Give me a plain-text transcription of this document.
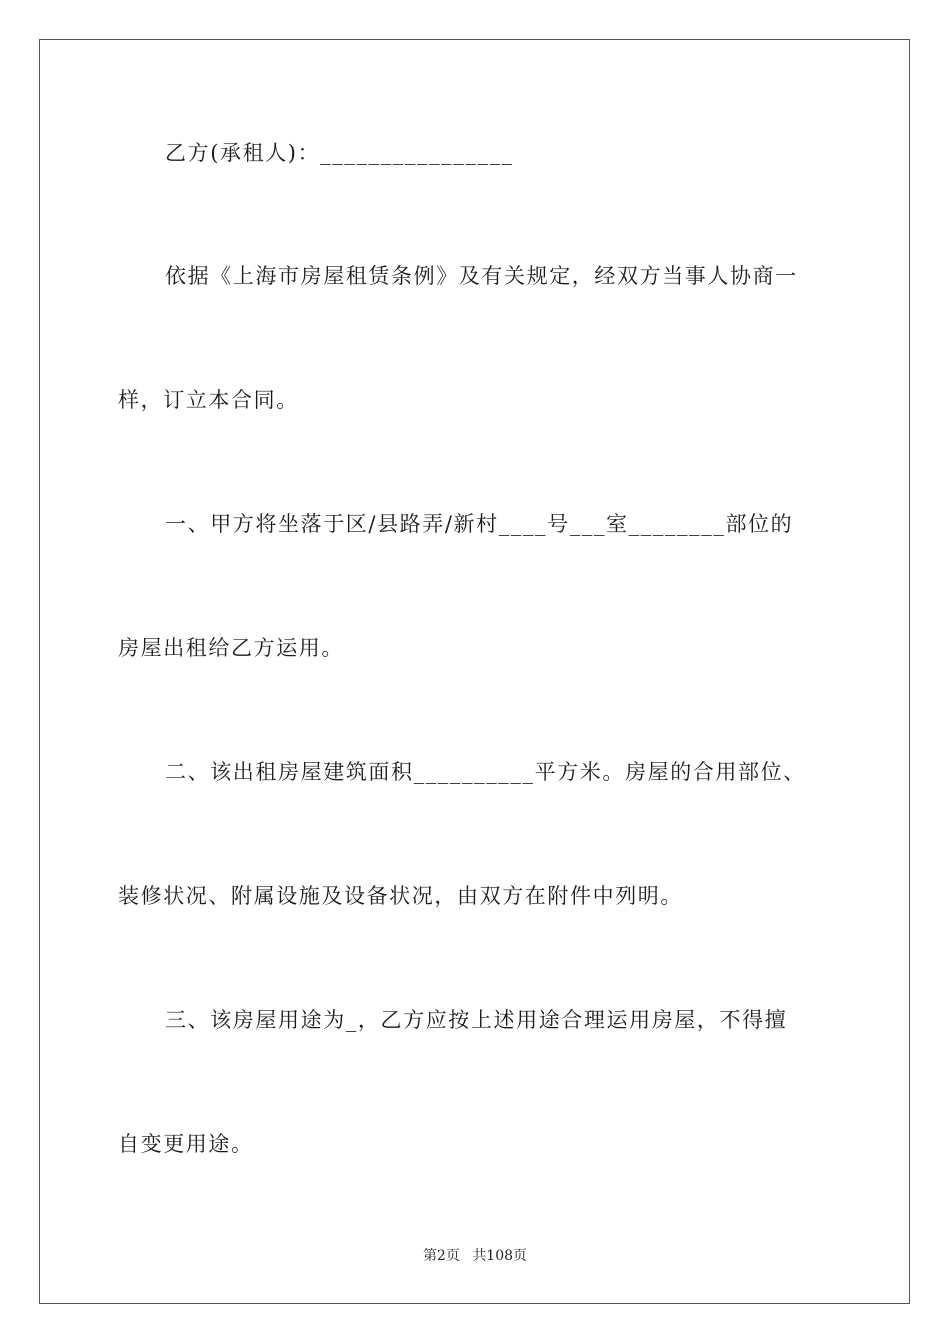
乙方(承租人)：________________
依据《上海市房屋租赁条例》及有关规定，经双方当事人协商一
样，订立本合同。
一、甲方将坐落于区/县路弄/新村____号___室________部位的
房屋出租给乙方运用。
二、该出租房屋建筑面积__________平方米。房屋的合用部位、
装修状况、附属设施及设备状况，由双方在附件中列明。
三、该房屋用途为_，乙方应按上述用途合理运用房屋，不得擅
自变更用途。
第2页 共108页
